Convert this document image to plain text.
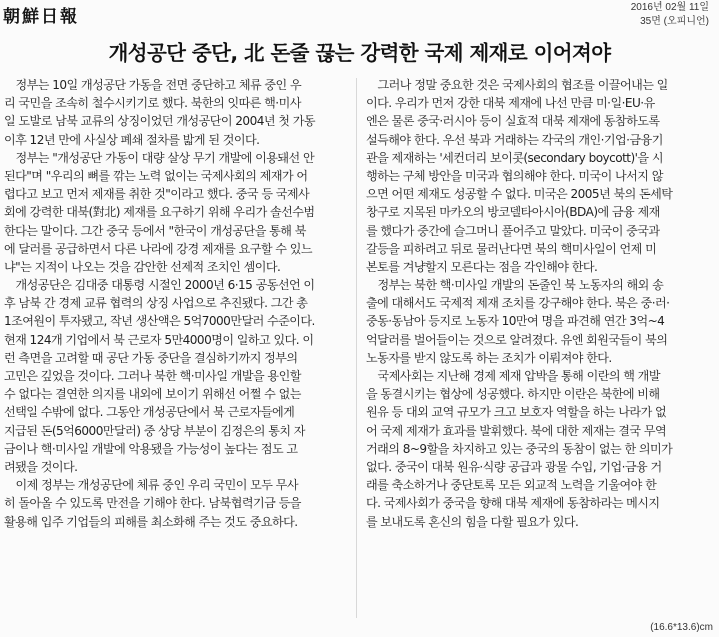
朝鮮日報	2016년 02월 11일
35면 (오피니언)
개성공단 중단, 北 돈줄 끊는 강력한 국제 제재로 이어져야
　정부는 10일 개성공단 가동을 전면 중단하고 체류 중인 우
리 국민을 조속히 철수시키기로 했다. 북한의 잇따른 핵·미사
일 도발로 남북 교류의 상징이었던 개성공단이 2004년 첫 가동
이후 12년 만에 사실상 폐쇄 절차를 밟게 된 것이다.
　정부는 "개성공단 가동이 대량 살상 무기 개발에 이용돼선 안
된다"며 "우리의 뼈를 깎는 노력 없이는 국제사회의 제재가 어
렵다고 보고 먼저 제재를 취한 것"이라고 했다. 중국 등 국제사
회에 강력한 대북(對北) 제재를 요구하기 위해 우리가 솔선수범
한다는 말이다. 그간 중국 등에서 "한국이 개성공단을 통해 북
에 달러를 공급하면서 다른 나라에 강경 제재를 요구할 수 있느
냐"는 지적이 나오는 것을 감안한 선제적 조치인 셈이다.
　개성공단은 김대중 대통령 시절인 2000년 6·15 공동선언 이
후 남북 간 경제 교류 협력의 상징 사업으로 추진됐다. 그간 총
1조여원이 투자됐고, 작년 생산액은 5억7000만달러 수준이다.
현재 124개 기업에서 북 근로자 5만4000명이 일하고 있다. 이
런 측면을 고려할 때 공단 가동 중단을 결심하기까지 정부의
고민은 깊었을 것이다. 그러나 북한 핵·미사일 개발을 용인할
수 없다는 결연한 의지를 내외에 보이기 위해선 어쩔 수 없는
선택일 수밖에 없다. 그동안 개성공단에서 북 근로자들에게
지급된 돈(5억6000만달러) 중 상당 부분이 김정은의 통치 자
금이나 핵·미사일 개발에 악용됐을 가능성이 높다는 점도 고
려됐을 것이다.
　이제 정부는 개성공단에 체류 중인 우리 국민이 모두 무사
히 돌아올 수 있도록 만전을 기해야 한다. 남북협력기금 등을
활용해 입주 기업들의 피해를 최소화해 주는 것도 중요하다.
　그러나 정말 중요한 것은 국제사회의 협조를 이끌어내는 일
이다. 우리가 먼저 강한 대북 제재에 나선 만큼 미·일·EU·유
엔은 물론 중국·러시아 등이 실효적 대북 제재에 동참하도록
설득해야 한다. 우선 북과 거래하는 각국의 개인·기업·금융기
관을 제재하는 '세컨더리 보이콧(secondary boycott)'을 시
행하는 구체 방안을 미국과 협의해야 한다. 미국이 나서지 않
으면 어떤 제재도 성공할 수 없다. 미국은 2005년 북의 돈세탁
창구로 지목된 마카오의 방코델타아시아(BDA)에 금융 제재
를 했다가 중간에 슬그머니 풀어주고 말았다. 미국이 중국과
갈등을 피하려고 뒤로 물러난다면 북의 핵미사일이 언제 미
본토를 겨냥할지 모른다는 점을 각인해야 한다.
　정부는 북한 핵·미사일 개발의 돈줄인 북 노동자의 해외 송
출에 대해서도 국제적 제재 조치를 강구해야 한다. 북은 중·러·
중동·동남아 등지로 노동자 10만여 명을 파견해 연간 3억~4
억달러를 벌어들이는 것으로 알려졌다. 유엔 회원국들이 북의
노동자를 받지 않도록 하는 조치가 이뤄져야 한다.
　국제사회는 지난해 경제 제재 압박을 통해 이란의 핵 개발
을 동결시키는 협상에 성공했다. 하지만 이란은 북한에 비해
원유 등 대외 교역 규모가 크고 보호자 역할을 하는 나라가 없
어 국제 제재가 효과를 발휘했다. 북에 대한 제재는 결국 무역
거래의 8~9할을 차지하고 있는 중국의 동참이 없는 한 의미가
없다. 중국이 대북 원유·식량 공급과 광물 수입, 기업·금융 거
래를 축소하거나 중단토록 모든 외교적 노력을 기울여야 한
다. 국제사회가 중국을 향해 대북 제재에 동참하라는 메시지
를 보내도록 혼신의 힘을 다할 필요가 있다.
(16.6*13.6)cm
